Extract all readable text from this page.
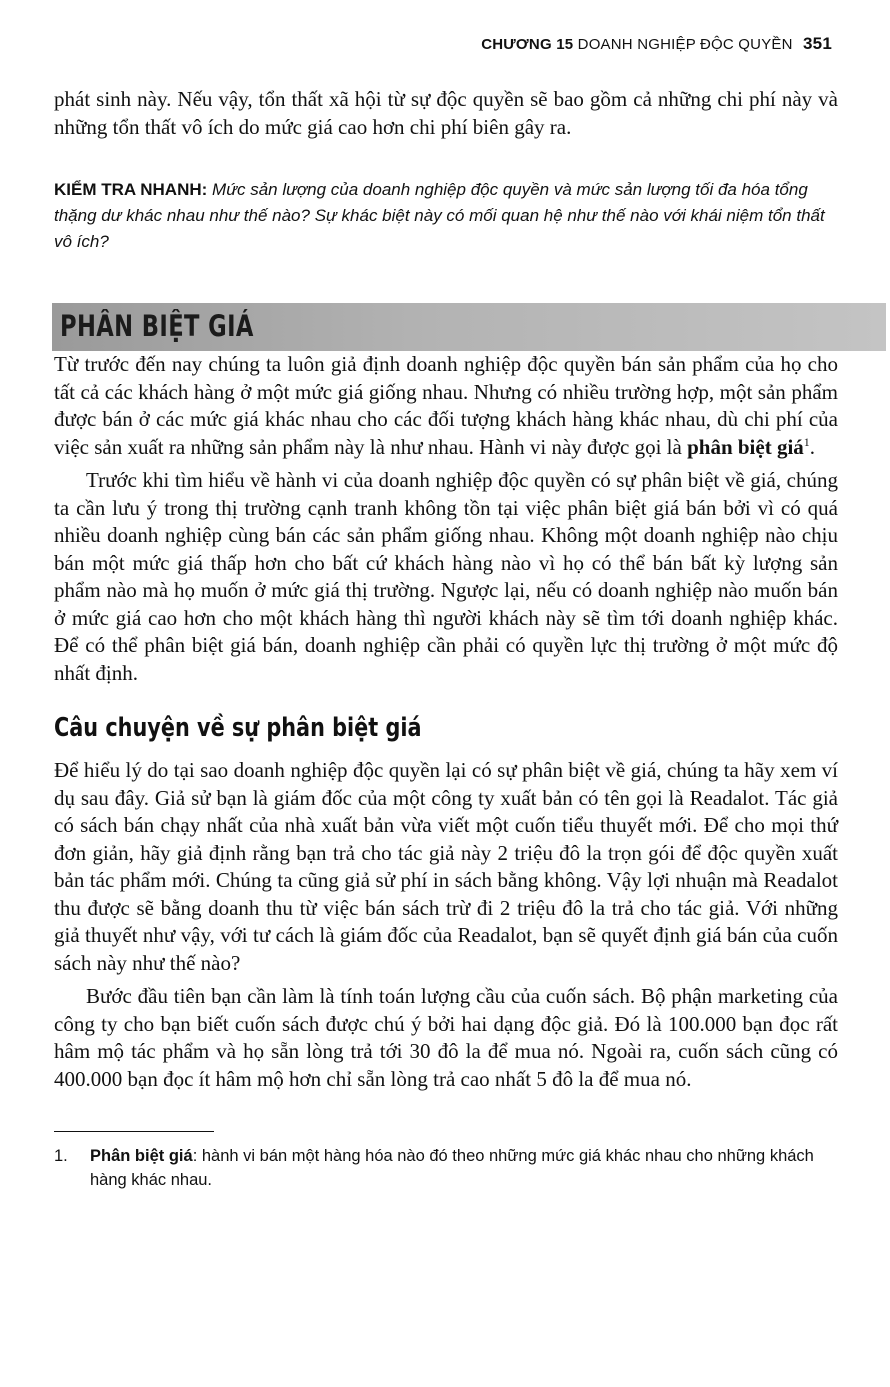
CHƯƠNG 15 DOANH NGHIỆP ĐỘC QUYỀN 351

phát sinh này. Nếu vậy, tổn thất xã hội từ sự độc quyền sẽ bao gồm cả những chi phí này và những tổn thất vô ích do mức giá cao hơn chi phí biên gây ra.

KIỂM TRA NHANH: Mức sản lượng của doanh nghiệp độc quyền và mức sản lượng tối đa hóa tổng thặng dư khác nhau như thế nào? Sự khác biệt này có mối quan hệ như thế nào với khái niệm tổn thất vô ích?
PHÂN BIỆT GIÁ

Từ trước đến nay chúng ta luôn giả định doanh nghiệp độc quyền bán sản phẩm của họ cho tất cả các khách hàng ở một mức giá giống nhau. Nhưng có nhiều trường hợp, một sản phẩm được bán ở các mức giá khác nhau cho các đối tượng khách hàng khác nhau, dù chi phí của việc sản xuất ra những sản phẩm này là như nhau. Hành vi này được gọi là phân biệt giá$^1$.

Trước khi tìm hiểu về hành vi của doanh nghiệp độc quyền có sự phân biệt về giá, chúng ta cần lưu ý trong thị trường cạnh tranh không tồn tại việc phân biệt giá bán bởi vì có quá nhiều doanh nghiệp cùng bán các sản phẩm giống nhau. Không một doanh nghiệp nào chịu bán một mức giá thấp hơn cho bất cứ khách hàng nào vì họ có thể bán bất kỳ lượng sản phẩm nào mà họ muốn ở mức giá thị trường. Ngược lại, nếu có doanh nghiệp nào muốn bán ở mức giá cao hơn cho một khách hàng thì người khách này sẽ tìm tới doanh nghiệp khác. Để có thể phân biệt giá bán, doanh nghiệp cần phải có quyền lực thị trường ở một mức độ nhất định.

Câu chuyện về sự phân biệt giá

Để hiểu lý do tại sao doanh nghiệp độc quyền lại có sự phân biệt về giá, chúng ta hãy xem ví dụ sau đây. Giả sử bạn là giám đốc của một công ty xuất bản có tên gọi là Readalot. Tác giả có sách bán chạy nhất của nhà xuất bản vừa viết một cuốn tiểu thuyết mới. Để cho mọi thứ đơn giản, hãy giả định rằng bạn trả cho tác giả này 2 triệu đô la trọn gói để độc quyền xuất bản tác phẩm mới. Chúng ta cũng giả sử phí in sách bằng không. Vậy lợi nhuận mà Readalot thu được sẽ bằng doanh thu từ việc bán sách trừ đi 2 triệu đô la trả cho tác giả. Với những giả thuyết như vậy, với tư cách là giám đốc của Readalot, bạn sẽ quyết định giá bán của cuốn sách này như thế nào?

Bước đầu tiên bạn cần làm là tính toán lượng cầu của cuốn sách. Bộ phận marketing của công ty cho bạn biết cuốn sách được chú ý bởi hai dạng độc giả. Đó là 100.000 bạn đọc rất hâm mộ tác phẩm và họ sẵn lòng trả tới 30 đô la để mua nó. Ngoài ra, cuốn sách cũng có 400.000 bạn đọc ít hâm mộ hơn chỉ sẵn lòng trả cao nhất 5 đô la để mua nó.

1.	Phân biệt giá: hành vi bán một hàng hóa nào đó theo những mức giá khác nhau cho những khách hàng khác nhau.
